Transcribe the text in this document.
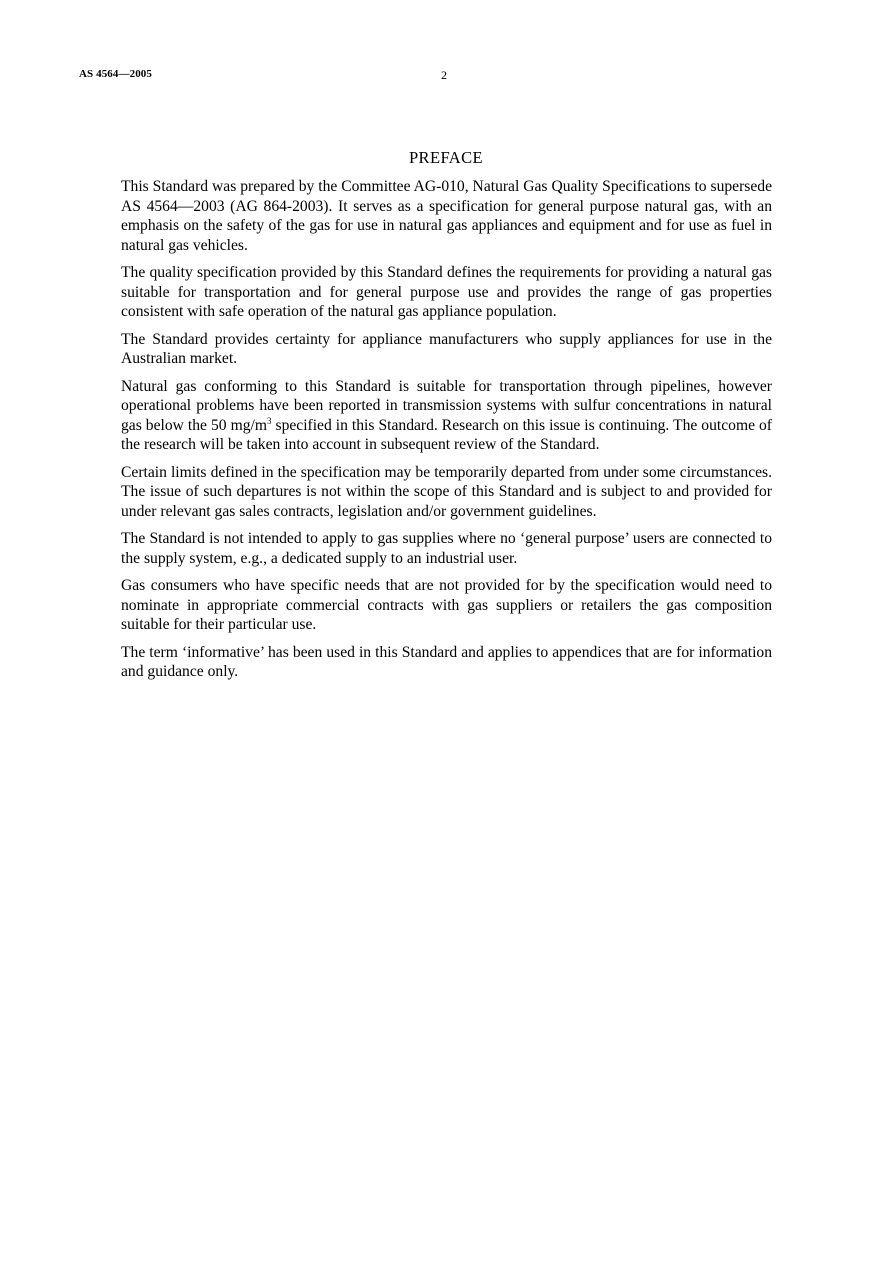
AS 4564—2005	2
PREFACE

This Standard was prepared by the Committee AG-010, Natural Gas Quality Specifications to supersede AS 4564—2003 (AG 864-2003). It serves as a specification for general purpose natural gas, with an emphasis on the safety of the gas for use in natural gas appliances and equipment and for use as fuel in natural gas vehicles.

The quality specification provided by this Standard defines the requirements for providing a natural gas suitable for transportation and for general purpose use and provides the range of gas properties consistent with safe operation of the natural gas appliance population.

The Standard provides certainty for appliance manufacturers who supply appliances for use in the Australian market.

Natural gas conforming to this Standard is suitable for transportation through pipelines, however operational problems have been reported in transmission systems with sulfur concentrations in natural gas below the 50 $mg/m^3$ specified in this Standard. Research on this issue is continuing. The outcome of the research will be taken into account in subsequent review of the Standard.

Certain limits defined in the specification may be temporarily departed from under some circumstances. The issue of such departures is not within the scope of this Standard and is subject to and provided for under relevant gas sales contracts, legislation and/or government guidelines.

The Standard is not intended to apply to gas supplies where no ‘general purpose’ users are connected to the supply system, e.g., a dedicated supply to an industrial user.

Gas consumers who have specific needs that are not provided for by the specification would need to nominate in appropriate commercial contracts with gas suppliers or retailers the gas composition suitable for their particular use.

The term ‘informative’ has been used in this Standard and applies to appendices that are for information and guidance only.
